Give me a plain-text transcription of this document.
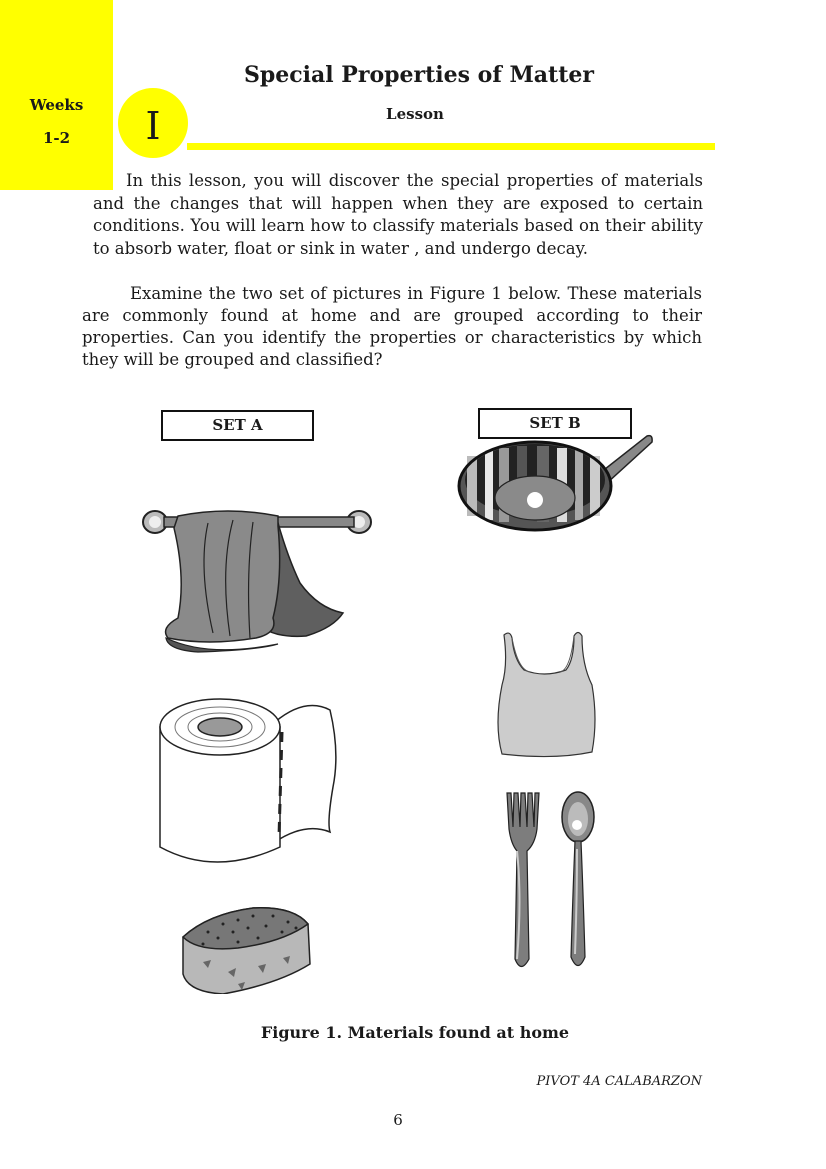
Weeks
1-2
Special Properties of Matter
I	Lesson

In this lesson, you will discover the special properties of materials and the changes that will happen when they are exposed to certain conditions. You will learn how to classify materials based on their ability to absorb water, float or sink in water , and undergo decay.

Examine the two set of pictures in Figure 1 below. These materials are commonly found at home and are grouped according to their properties. Can you identify the properties or characteristics by which they will be grouped and classified?

SET A	SET B
Figure 1. Materials found at home
PIVOT 4A CALABARZON
6
